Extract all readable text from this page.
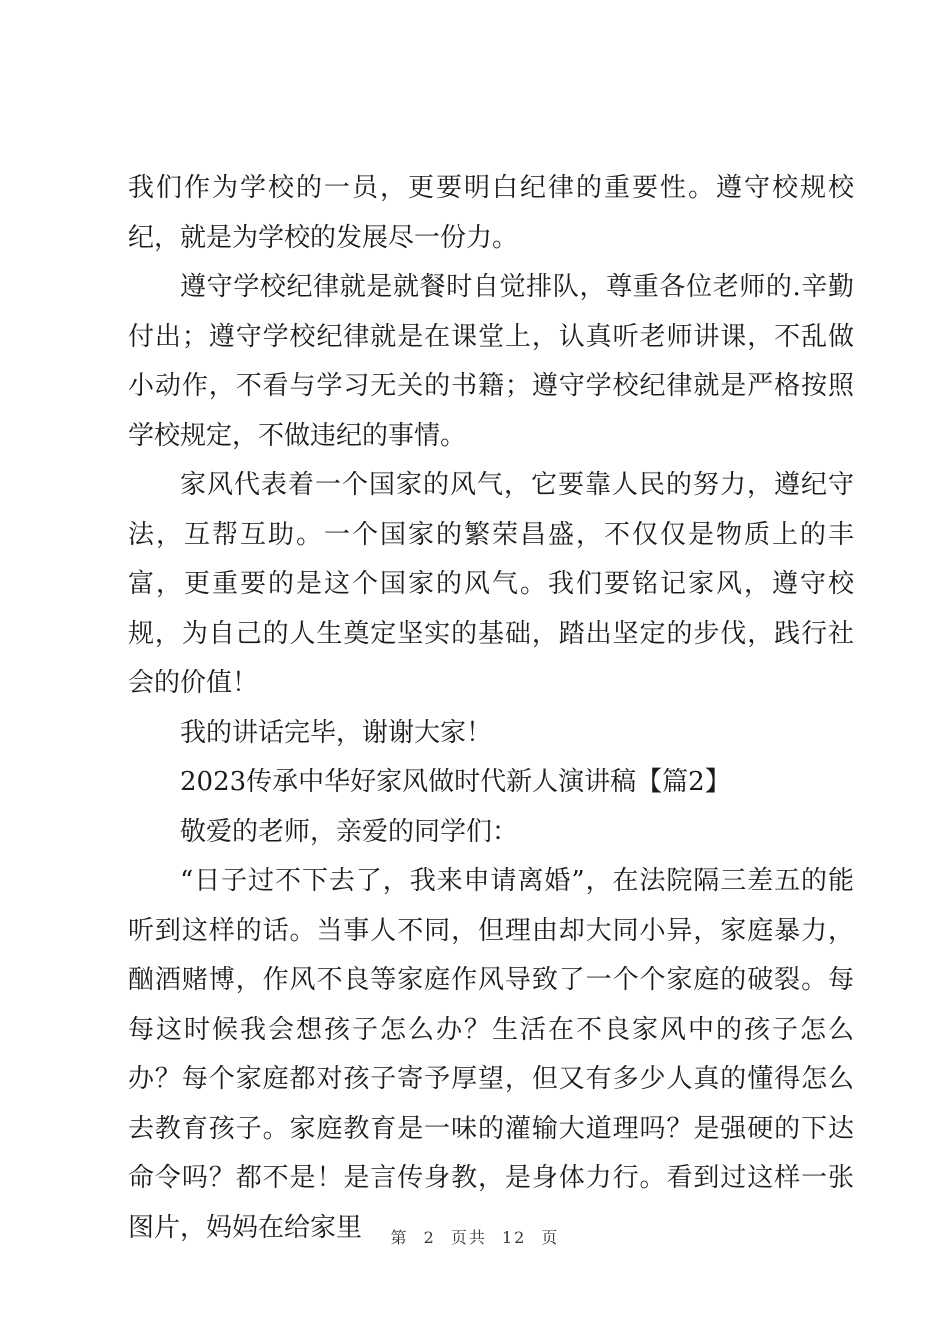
我们作为学校的一员，更要明白纪律的重要性。遵守校规校纪，就是为学校的发展尽一份力。

遵守学校纪律就是就餐时自觉排队，尊重各位老师的.辛勤付出；遵守学校纪律就是在课堂上，认真听老师讲课，不乱做小动作，不看与学习无关的书籍；遵守学校纪律就是严格按照学校规定，不做违纪的事情。

家风代表着一个国家的风气，它要靠人民的努力，遵纪守法，互帮互助。一个国家的繁荣昌盛，不仅仅是物质上的丰富，更重要的是这个国家的风气。我们要铭记家风，遵守校规，为自己的人生奠定坚实的基础，踏出坚定的步伐，践行社会的价值！

我的讲话完毕，谢谢大家！

2023传承中华好家风做时代新人演讲稿【篇2】

敬爱的老师，亲爱的同学们：

“日子过不下去了，我来申请离婚”，在法院隔三差五的能听到这样的话。当事人不同，但理由却大同小异，家庭暴力，酗酒赌博，作风不良等家庭作风导致了一个个家庭的破裂。每每这时候我会想孩子怎么办？生活在不良家风中的孩子怎么办？每个家庭都对孩子寄予厚望，但又有多少人真的懂得怎么去教育孩子。家庭教育是一味的灌输大道理吗？是强硬的下达命令吗？都不是！是言传身教，是身体力行。看到过这样一张图片，妈妈在给家里	第 2 页共 12 页
